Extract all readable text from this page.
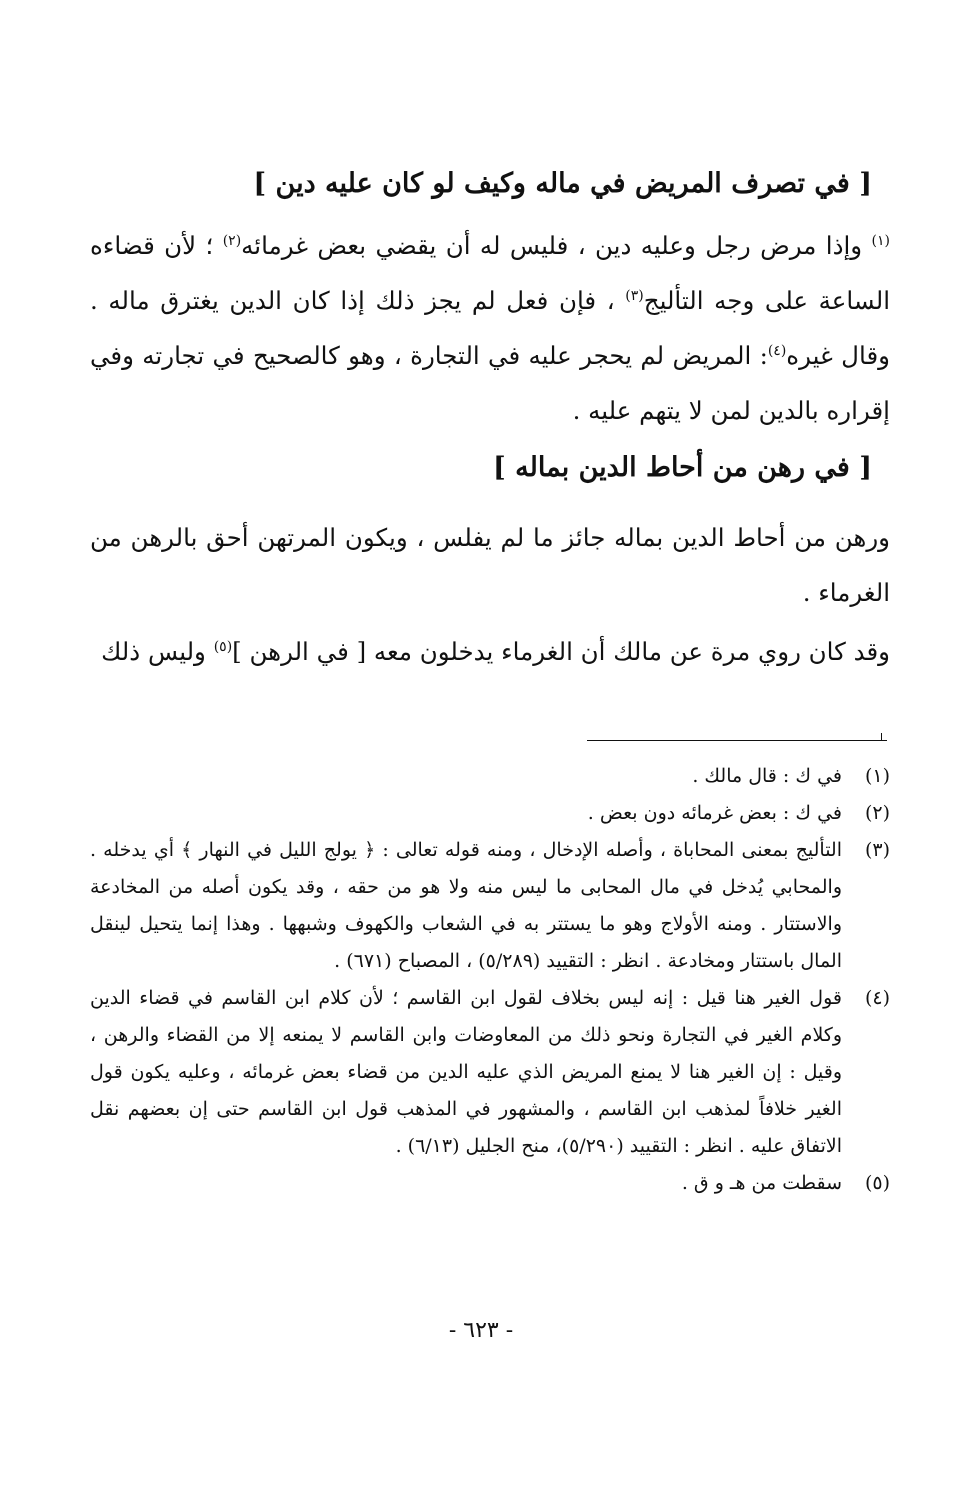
[ في تصرف المريض في ماله وكيف لو كان عليه دين ]
$^{(١)}$ وإذا مرض رجل وعليه دين ، فليس له أن يقضي بعض غرمائه$^{(٢)}$ ؛ لأن قضاءه الساعة على وجه التأليج$^{(٣)}$ ، فإن فعل لم يجز ذلك إذا كان الدين يغترق ماله . وقال غيره$^{(٤)}$: المريض لم يحجر عليه في التجارة ، وهو كالصحيح في تجارته وفي إقراره بالدين لمن لا يتهم عليه .
[ في رهن من أحاط الدين بماله ]
ورهن من أحاط الدين بماله جائز ما لم يفلس ، ويكون المرتهن أحق بالرهن من الغرماء .
وقد كان روي مرة عن مالك أن الغرماء يدخلون معه [ في الرهن ]$^{(٥)}$ وليس ذلك
(١)
في ك : قال مالك .
(٢)
في ك : بعض غرمائه دون بعض .
(٣)
التأليج بمعنى المحاباة ، وأصله الإدخال ، ومنه قوله تعالى : ﴿ يولج الليل في النهار ﴾ أي يدخله . والمحابي يُدخل في مال المحابى ما ليس منه ولا هو من حقه ، وقد يكون أصله من المخادعة والاستتار . ومنه الأولاج وهو ما يستتر به في الشعاب والكهوف وشبهها . وهذا إنما يتحيل لينقل المال باستتار ومخادعة . انظر : التقييد (٥/٢٨٩) ، المصباح (٦٧١) .
(٤)
قول الغير هنا قيل : إنه ليس بخلاف لقول ابن القاسم ؛ لأن كلام ابن القاسم في قضاء الدين وكلام الغير في التجارة ونحو ذلك من المعاوضات وابن القاسم لا يمنعه إلا من القضاء والرهن ، وقيل : إن الغير هنا لا يمنع المريض الذي عليه الدين من قضاء بعض غرمائه ، وعليه يكون قول الغير خلافاً لمذهب ابن القاسم ، والمشهور في المذهب قول ابن القاسم حتى إن بعضهم نقل الاتفاق عليه . انظر : التقييد (٥/٢٩٠)، منح الجليل (٦/١٣) .
(٥)
سقطت من هـ و ق .
- ٦٢٣ -
